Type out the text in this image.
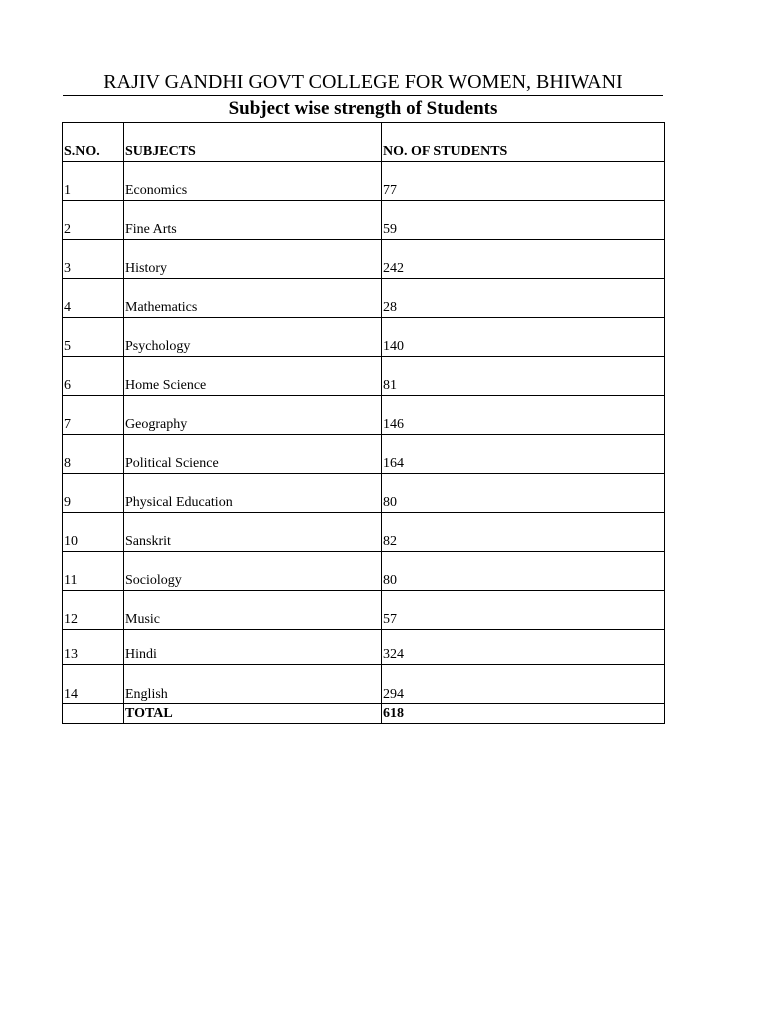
RAJIV GANDHI GOVT COLLEGE FOR WOMEN, BHIWANI
Subject wise strength of Students
S.NO.	SUBJECTS	NO. OF STUDENTS
1	Economics	77
2	Fine Arts	59
3	History	242
4	Mathematics	28
5	Psychology	140
6	Home Science	81
7	Geography	146
8	Political Science	164
9	Physical Education	80
10	Sanskrit	82
11	Sociology	80
12	Music	57
13	Hindi	324
14	English	294
	TOTAL	618
